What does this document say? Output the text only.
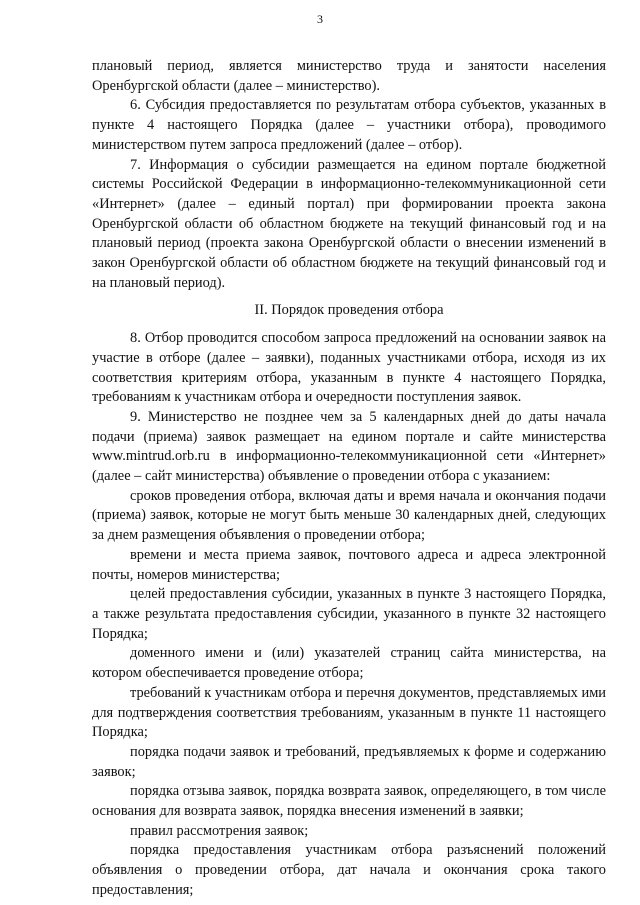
3

плановый период, является министерство труда и занятости населения Оренбургской области (далее – министерство).

6. Субсидия предоставляется по результатам отбора субъектов, указанных в пункте 4 настоящего Порядка (далее – участники отбора), проводимого министерством путем запроса предложений (далее – отбор).

7. Информация о субсидии размещается на едином портале бюджетной системы Российской Федерации в информационно-телекоммуникационной сети «Интернет» (далее – единый портал) при формировании проекта закона Оренбургской области об областном бюджете на текущий финансовый год и на плановый период (проекта закона Оренбургской области о внесении изменений в закон Оренбургской области об областном бюджете на текущий финансовый год и на плановый период).

II. Порядок проведения отбора

8. Отбор проводится способом запроса предложений на основании заявок на участие в отборе (далее – заявки), поданных участниками отбора, исходя из их соответствия критериям отбора, указанным в пункте 4 настоящего Порядка, требованиям к участникам отбора и очередности поступления заявок.

9. Министерство не позднее чем за 5 календарных дней до даты начала подачи (приема) заявок размещает на едином портале и сайте министерства www.mintrud.orb.ru в информационно-телекоммуникационной сети «Интернет» (далее – сайт министерства) объявление о проведении отбора с указанием:

сроков проведения отбора, включая даты и время начала и окончания подачи (приема) заявок, которые не могут быть меньше 30 календарных дней, следующих за днем размещения объявления о проведении отбора;

времени и места приема заявок, почтового адреса и адреса электронной почты, номеров министерства;

целей предоставления субсидии, указанных в пункте 3 настоящего Порядка, а также результата предоставления субсидии, указанного в пункте 32 настоящего Порядка;

доменного имени и (или) указателей страниц сайта министерства, на котором обеспечивается проведение отбора;

требований к участникам отбора и перечня документов, представляемых ими для подтверждения соответствия требованиям, указанным в пункте 11 настоящего Порядка;

порядка подачи заявок и требований, предъявляемых к форме и содержанию заявок;

порядка отзыва заявок, порядка возврата заявок, определяющего, в том числе основания для возврата заявок, порядка внесения изменений в заявки;

правил рассмотрения заявок;

порядка предоставления участникам отбора разъяснений положений объявления о проведении отбора, дат начала и окончания срока такого предоставления;
